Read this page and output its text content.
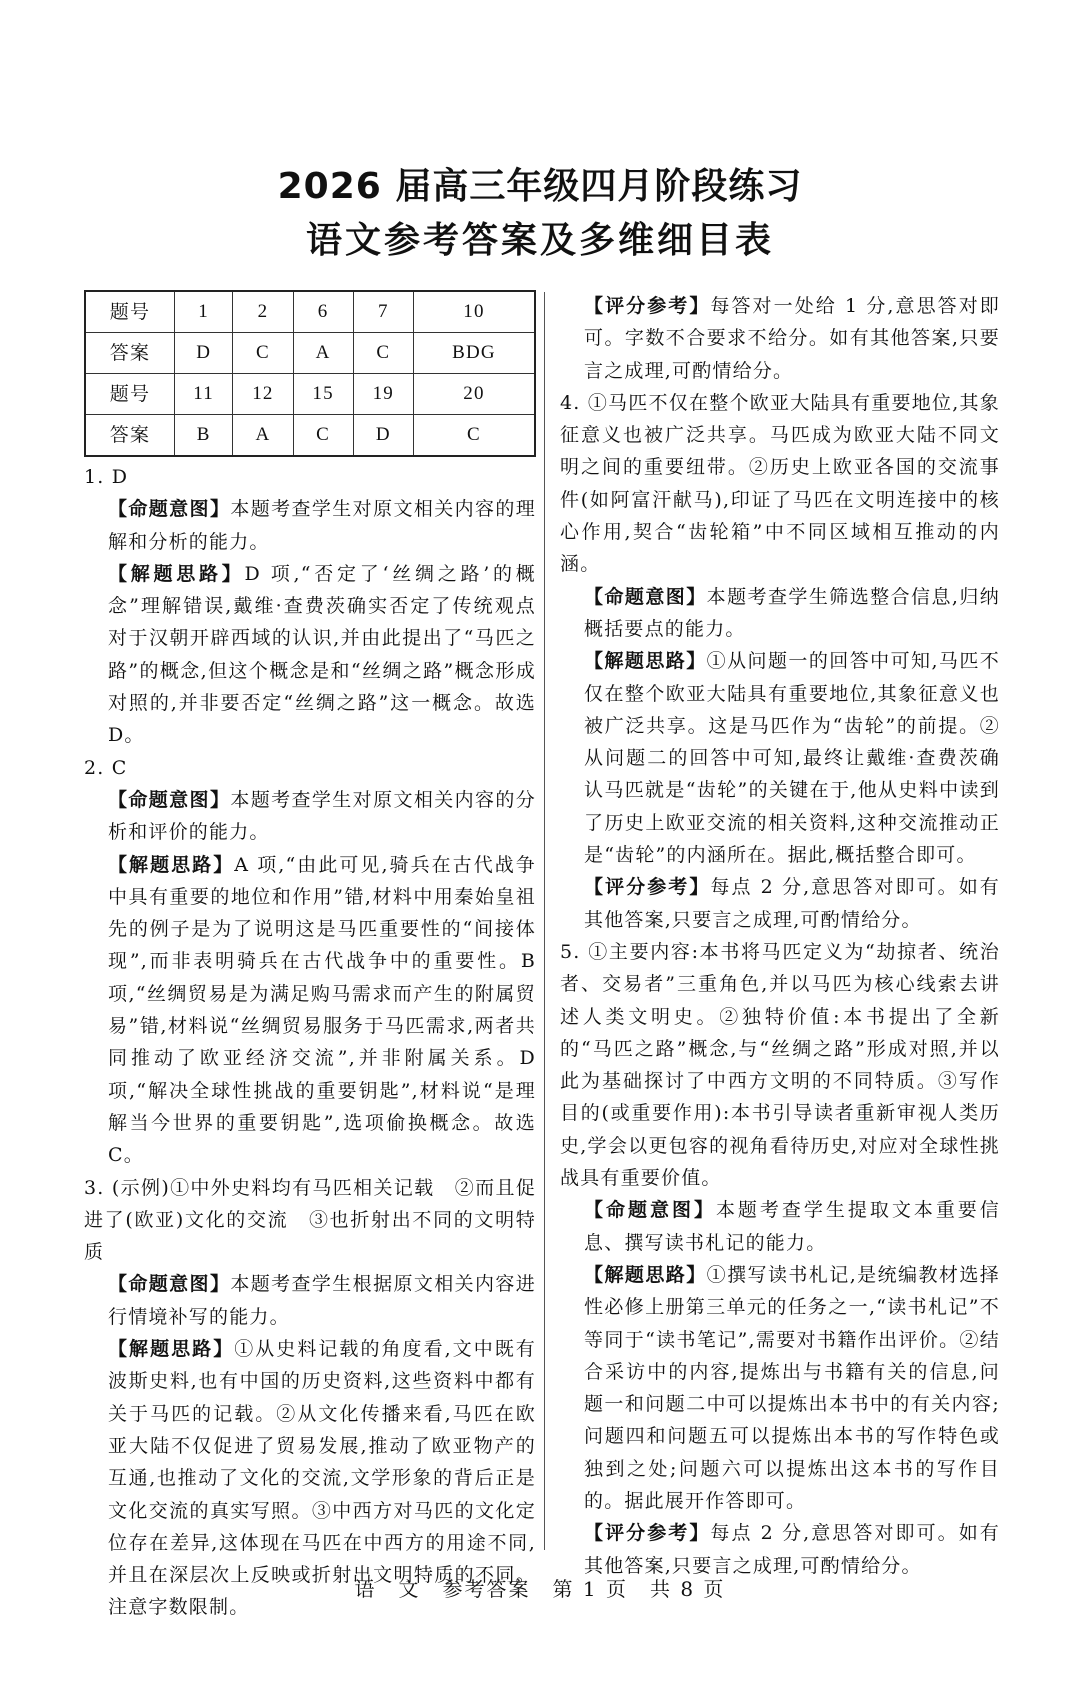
2026 届高三年级四月阶段练习
语文参考答案及多维细目表
题号	1	2	6	7	10
答案	D	C	A	C	BDG
题号	11	12	15	19	20
答案	B	A	C	D	C

1. D

【命题意图】本题考查学生对原文相关内容的理解和分析的能力。

【解题思路】D 项,“否定了‘丝绸之路’的概念”理解错误,戴维·查费茨确实否定了传统观点对于汉朝开辟西域的认识,并由此提出了“马匹之路”的概念,但这个概念是和“丝绸之路”概念形成对照的,并非要否定“丝绸之路”这一概念。故选 D。

2. C

【命题意图】本题考查学生对原文相关内容的分析和评价的能力。

【解题思路】A 项,“由此可见,骑兵在古代战争中具有重要的地位和作用”错,材料中用秦始皇祖先的例子是为了说明这是马匹重要性的“间接体现”,而非表明骑兵在古代战争中的重要性。B 项,“丝绸贸易是为满足购马需求而产生的附属贸易”错,材料说“丝绸贸易服务于马匹需求,两者共同推动了欧亚经济交流”,并非附属关系。D 项,“解决全球性挑战的重要钥匙”,材料说“是理解当今世界的重要钥匙”,选项偷换概念。故选 C。

3. (示例)①中外史料均有马匹相关记载　②而且促进了(欧亚)文化的交流　③也折射出不同的文明特质

【命题意图】本题考查学生根据原文相关内容进行情境补写的能力。

【解题思路】①从史料记载的角度看,文中既有波斯史料,也有中国的历史资料,这些资料中都有关于马匹的记载。②从文化传播来看,马匹在欧亚大陆不仅促进了贸易发展,推动了欧亚物产的互通,也推动了文化的交流,文学形象的背后正是文化交流的真实写照。③中西方对马匹的文化定位存在差异,这体现在马匹在中西方的用途不同,并且在深层次上反映或折射出文明特质的不同。注意字数限制。

【评分参考】每答对一处给 1 分,意思答对即可。字数不合要求不给分。如有其他答案,只要言之成理,可酌情给分。

4. ①马匹不仅在整个欧亚大陆具有重要地位,其象征意义也被广泛共享。马匹成为欧亚大陆不同文明之间的重要纽带。②历史上欧亚各国的交流事件(如阿富汗献马),印证了马匹在文明连接中的核心作用,契合“齿轮箱”中不同区域相互推动的内涵。

【命题意图】本题考查学生筛选整合信息,归纳概括要点的能力。

【解题思路】①从问题一的回答中可知,马匹不仅在整个欧亚大陆具有重要地位,其象征意义也被广泛共享。这是马匹作为“齿轮”的前提。②从问题二的回答中可知,最终让戴维·查费茨确认马匹就是“齿轮”的关键在于,他从史料中读到了历史上欧亚交流的相关资料,这种交流推动正是“齿轮”的内涵所在。据此,概括整合即可。

【评分参考】每点 2 分,意思答对即可。如有其他答案,只要言之成理,可酌情给分。

5. ①主要内容:本书将马匹定义为“劫掠者、统治者、交易者”三重角色,并以马匹为核心线索去讲述人类文明史。②独特价值:本书提出了全新的“马匹之路”概念,与“丝绸之路”形成对照,并以此为基础探讨了中西方文明的不同特质。③写作目的(或重要作用):本书引导读者重新审视人类历史,学会以更包容的视角看待历史,对应对全球性挑战具有重要价值。

【命题意图】本题考查学生提取文本重要信息、撰写读书札记的能力。

【解题思路】①撰写读书札记,是统编教材选择性必修上册第三单元的任务之一,“读书札记”不等同于“读书笔记”,需要对书籍作出评价。②结合采访中的内容,提炼出与书籍有关的信息,问题一和问题二中可以提炼出本书中的有关内容;问题四和问题五可以提炼出本书的写作特色或独到之处;问题六可以提炼出这本书的写作目的。据此展开作答即可。

【评分参考】每点 2 分,意思答对即可。如有其他答案,只要言之成理,可酌情给分。

语　文　参考答案　第 1 页　共 8 页
